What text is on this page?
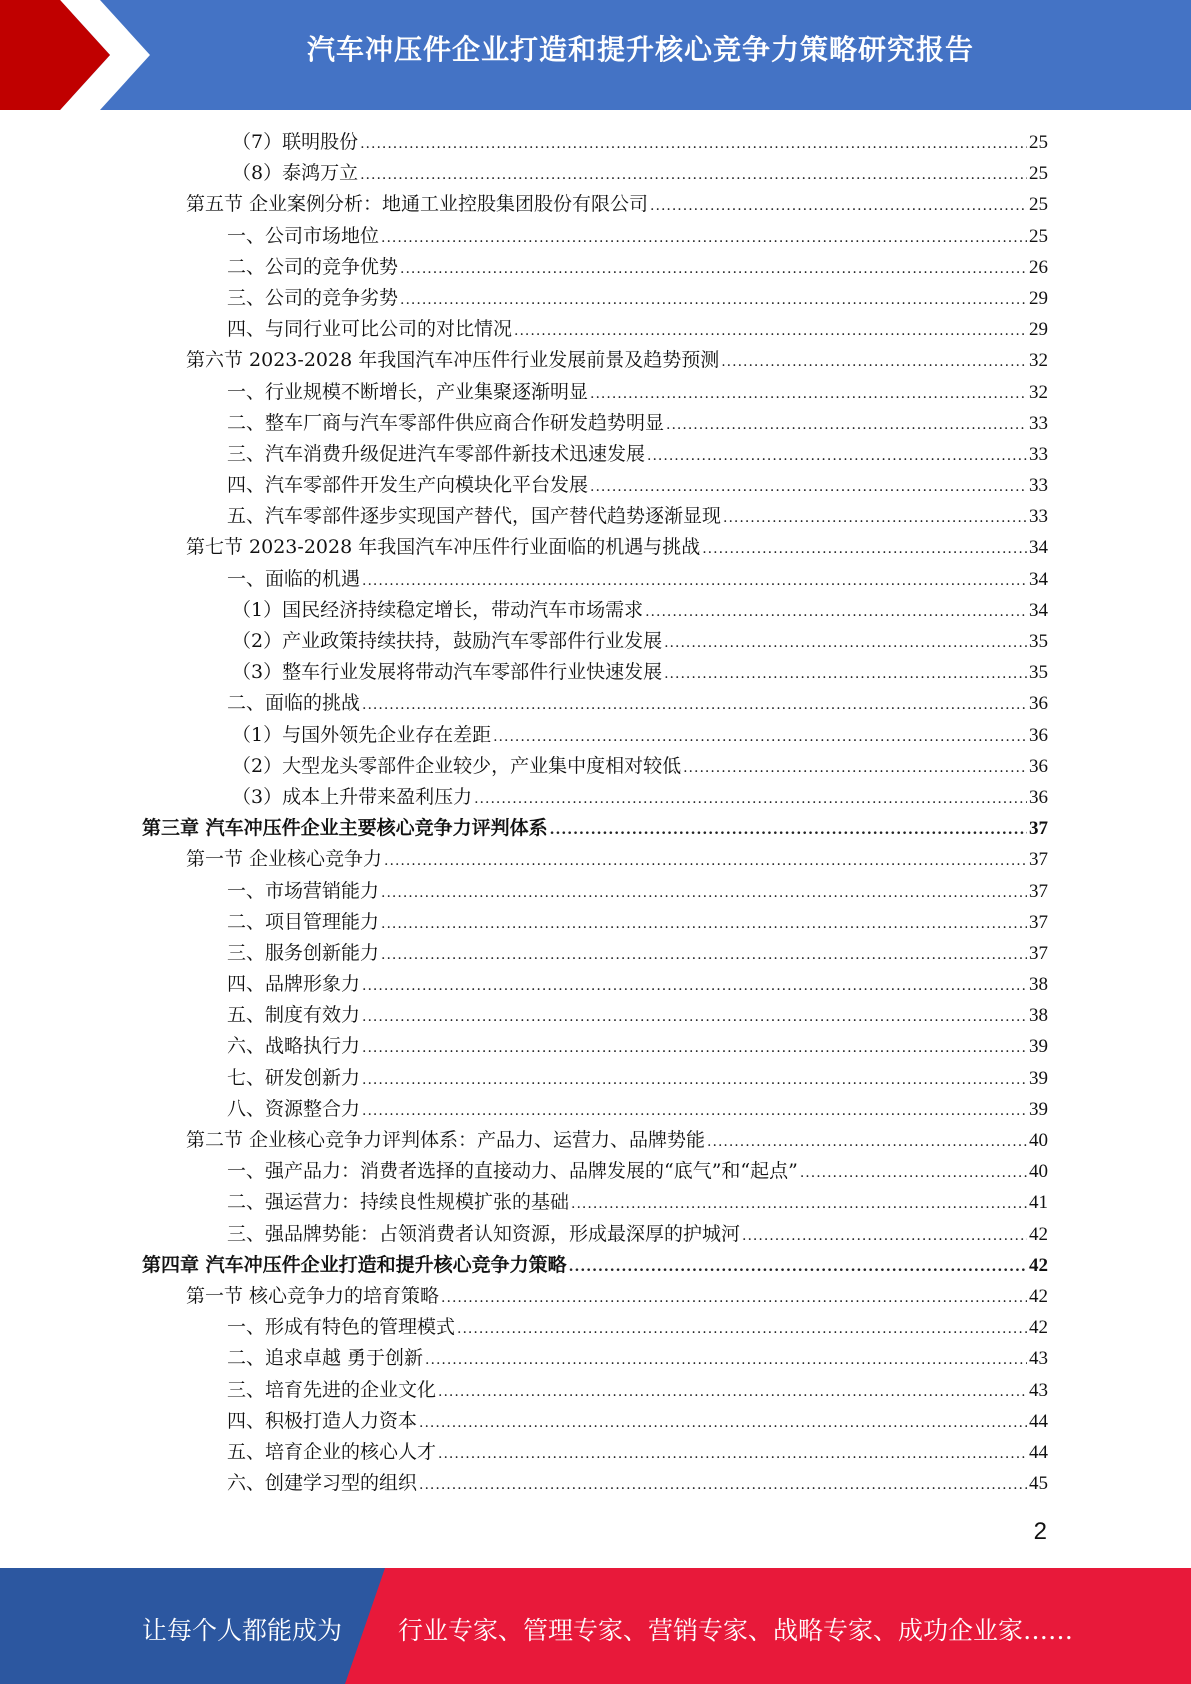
汽车冲压件企业打造和提升核心竞争力策略研究报告
（7）联明股份 .....	25
（8）泰鸿万立 .....	25
第五节 企业案例分析：地通工业控股集团股份有限公司 .....	25
一、公司市场地位 .....	25
二、公司的竞争优势 .....	26
三、公司的竞争劣势 .....	29
四、与同行业可比公司的对比情况 .....	29
第六节 2023-2028 年我国汽车冲压件行业发展前景及趋势预测 .....	32
一、行业规模不断增长，产业集聚逐渐明显 .....	32
二、整车厂商与汽车零部件供应商合作研发趋势明显 .....	33
三、汽车消费升级促进汽车零部件新技术迅速发展 .....	33
四、汽车零部件开发生产向模块化平台发展 .....	33
五、汽车零部件逐步实现国产替代，国产替代趋势逐渐显现 .....	33
第七节 2023-2028 年我国汽车冲压件行业面临的机遇与挑战 .....	34
一、面临的机遇 .....	34
（1）国民经济持续稳定增长，带动汽车市场需求 .....	34
（2）产业政策持续扶持，鼓励汽车零部件行业发展 .....	35
（3）整车行业发展将带动汽车零部件行业快速发展 .....	35
二、面临的挑战 .....	36
（1）与国外领先企业存在差距 .....	36
（2）大型龙头零部件企业较少，产业集中度相对较低 .....	36
（3）成本上升带来盈利压力 .....	36
第三章 汽车冲压件企业主要核心竞争力评判体系 .....	37
第一节 企业核心竞争力 .....	37
一、市场营销能力 .....	37
二、项目管理能力 .....	37
三、服务创新能力 .....	37
四、品牌形象力 .....	38
五、制度有效力 .....	38
六、战略执行力 .....	39
七、研发创新力 .....	39
八、资源整合力 .....	39
第二节 企业核心竞争力评判体系：产品力、运营力、品牌势能 .....	40
一、强产品力：消费者选择的直接动力、品牌发展的“底气”和“起点” .....	40
二、强运营力：持续良性规模扩张的基础 .....	41
三、强品牌势能：占领消费者认知资源，形成最深厚的护城河 .....	42
第四章 汽车冲压件企业打造和提升核心竞争力策略 .....	42
第一节 核心竞争力的培育策略 .....	42
一、形成有特色的管理模式 .....	42
二、追求卓越 勇于创新 .....	43
三、培育先进的企业文化 .....	43
四、积极打造人力资本 .....	44
五、培育企业的核心人才 .....	44
六、创建学习型的组织 .....	45
2
让每个人都能成为 行业专家、管理专家、营销专家、战略专家、成功企业家……
